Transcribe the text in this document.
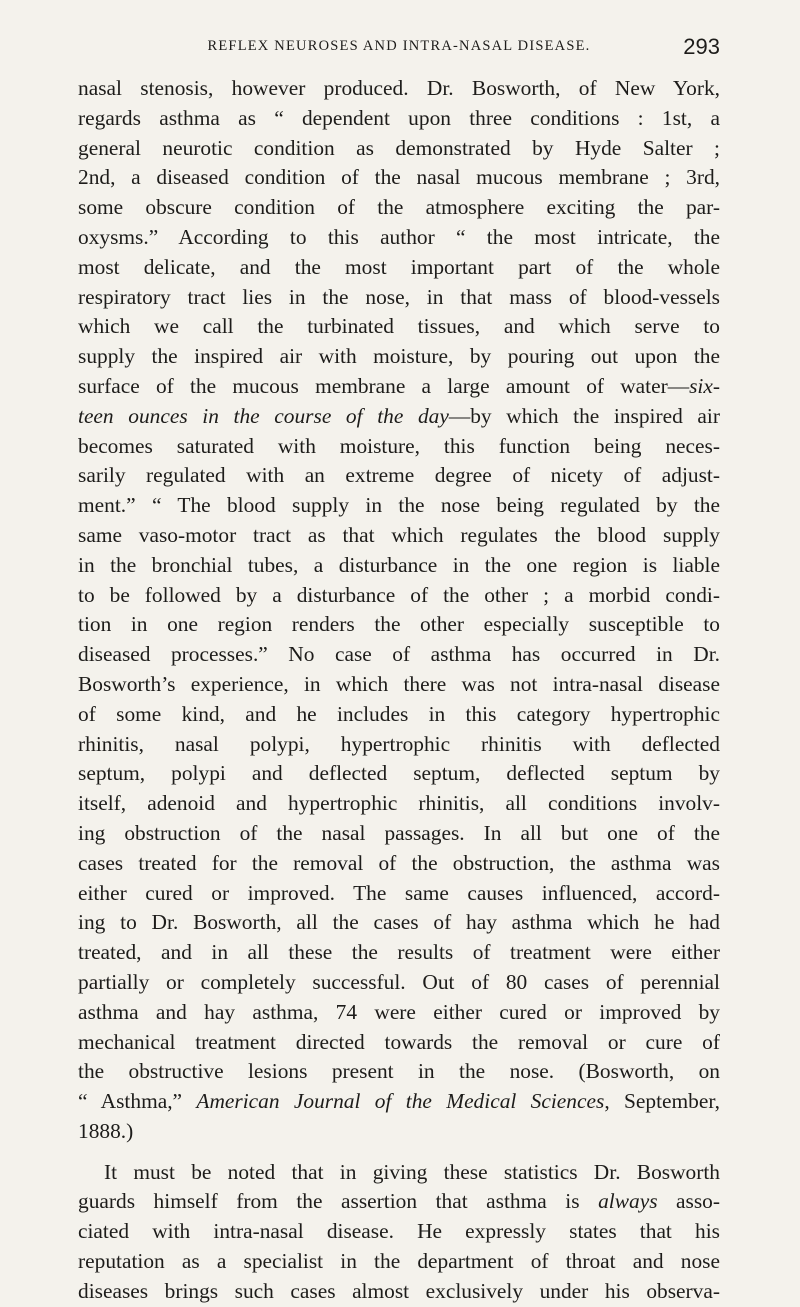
REFLEX NEUROSES AND INTRA-NASAL DISEASE.	293
nasal stenosis, however produced. Dr. Bosworth, of New York,
regards asthma as “ dependent upon three conditions : 1st, a
general neurotic condition as demonstrated by Hyde Salter ;
2nd, a diseased condition of the nasal mucous membrane ; 3rd,
some obscure condition of the atmosphere exciting the par-
oxysms.” According to this author “ the most intricate, the
most delicate, and the most important part of the whole
respiratory tract lies in the nose, in that mass of blood-vessels
which we call the turbinated tissues, and which serve to
supply the inspired air with moisture, by pouring out upon the
surface of the mucous membrane a large amount of water—six-
teen ounces in the course of the day—by which the inspired air
becomes saturated with moisture, this function being neces-
sarily regulated with an extreme degree of nicety of adjust-
ment.” “ The blood supply in the nose being regulated by the
same vaso-motor tract as that which regulates the blood supply
in the bronchial tubes, a disturbance in the one region is liable
to be followed by a disturbance of the other ; a morbid condi-
tion in one region renders the other especially susceptible to
diseased processes.” No case of asthma has occurred in Dr.
Bosworth’s experience, in which there was not intra-nasal disease
of some kind, and he includes in this category hypertrophic
rhinitis, nasal polypi, hypertrophic rhinitis with deflected
septum, polypi and deflected septum, deflected septum by
itself, adenoid and hypertrophic rhinitis, all conditions involv-
ing obstruction of the nasal passages. In all but one of the
cases treated for the removal of the obstruction, the asthma was
either cured or improved. The same causes influenced, accord-
ing to Dr. Bosworth, all the cases of hay asthma which he had
treated, and in all these the results of treatment were either
partially or completely successful. Out of 80 cases of perennial
asthma and hay asthma, 74 were either cured or improved by
mechanical treatment directed towards the removal or cure of
the obstructive lesions present in the nose. (Bosworth, on
“ Asthma,” American Journal of the Medical Sciences, September,
1888.)
It must be noted that in giving these statistics Dr. Bosworth
guards himself from the assertion that asthma is always asso-
ciated with intra-nasal disease. He expressly states that his
reputation as a specialist in the department of throat and nose
diseases brings such cases almost exclusively under his observa-
